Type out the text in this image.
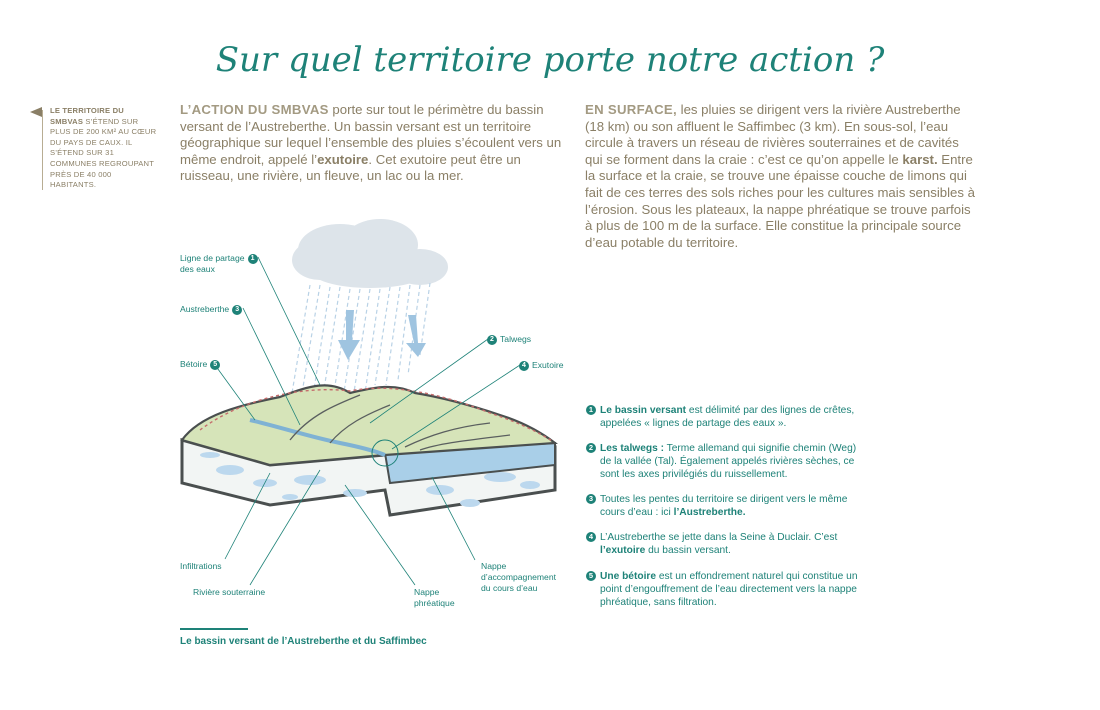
Sur quel territoire porte notre action ?
LE TERRITOIRE DU SMBVAS S’ÉTEND SUR PLUS DE 200 KM² AU CŒUR DU PAYS DE CAUX. IL S’ÉTEND SUR 31 COMMUNES REGROUPANT PRÈS DE 40 000 HABITANTS.
L’ACTION DU SMBVAS porte sur tout le périmètre du bassin versant de l’Austreberthe. Un bassin versant est un territoire géographique sur lequel l’ensemble des pluies s’écoulent vers un même endroit, appelé l’exutoire. Cet exutoire peut être un ruisseau, une rivière, un fleuve, un lac ou la mer.
EN SURFACE, les pluies se dirigent vers la rivière Austreberthe (18 km) ou son affluent le Saffimbec (3 km). En sous-sol, l’eau circule à travers un réseau de rivières souterraines et de cavités qui se forment dans la craie : c’est ce qu’on appelle le karst. Entre la surface et la craie, se trouve une épaisse couche de limons qui fait de ces terres des sols riches pour les cultures mais sensibles à l’érosion. Sous les plateaux, la nappe phréatique se trouve parfois à plus de 100 m de la surface. Elle constitue la principale source d’eau potable du territoire.
Ligne de partage 1
des eaux
Austreberthe 3
Bétoire 5
2 Talwegs
4 Exutoire
Infiltrations
Rivière souterraine	Nappe
phréatique
Nappe
d’accompagnement
du cours d’eau
1 Le bassin versant est délimité par des lignes de crêtes, appelées « lignes de partage des eaux ».
2 Les talwegs : Terme allemand qui signifie chemin (Weg) de la vallée (Tal). Également appelés rivières sèches, ce sont les axes privilégiés du ruissellement.
3 Toutes les pentes du territoire se dirigent vers le même cours d’eau : ici l’Austreberthe.
4 L’Austreberthe se jette dans la Seine à Duclair. C’est l’exutoire du bassin versant.
5 Une bétoire est un effondrement naturel qui constitue un point d’engouffrement de l’eau directement vers la nappe phréatique, sans filtration.
Le bassin versant de l’Austreberthe et du Saffimbec
